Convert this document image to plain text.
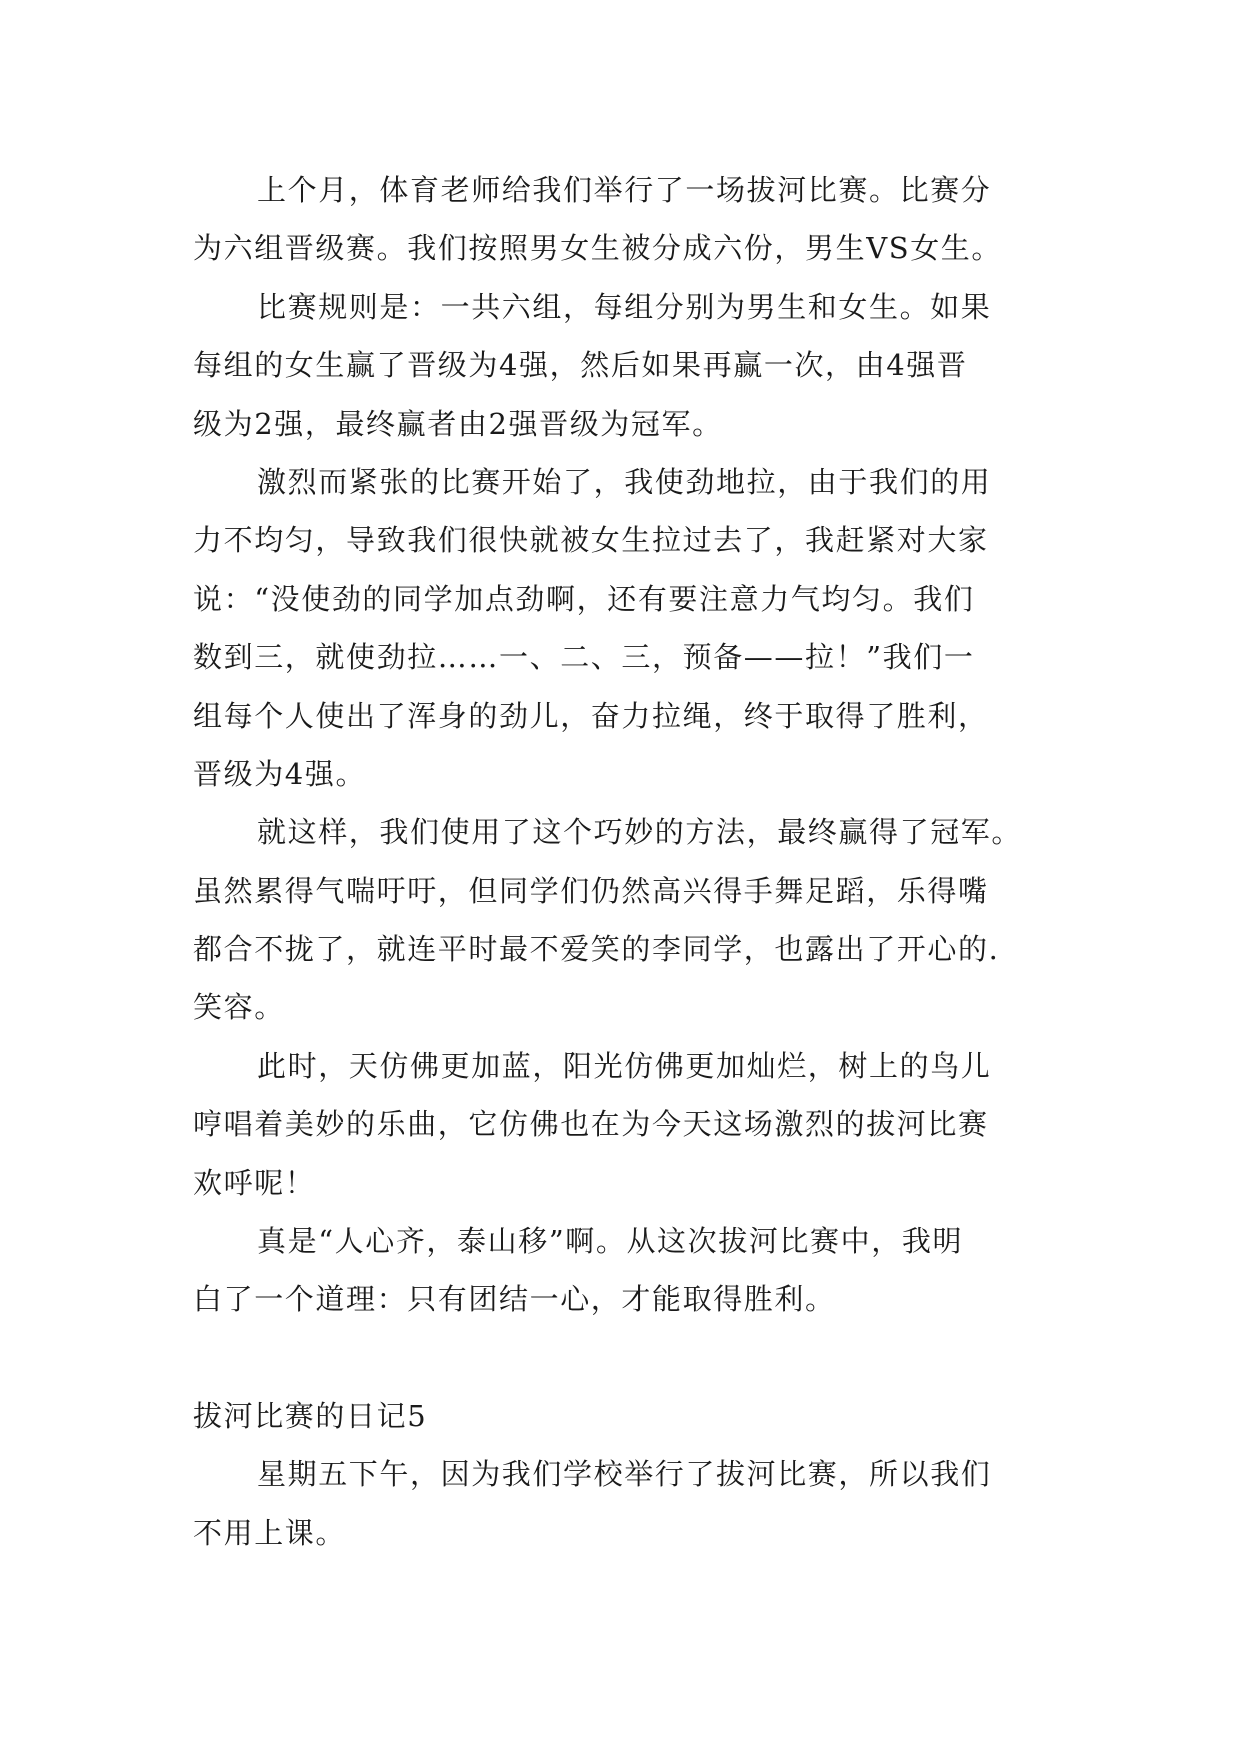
上个月，体育老师给我们举行了一场拔河比赛。比赛分
为六组晋级赛。我们按照男女生被分成六份，男生VS女生。
比赛规则是：一共六组，每组分别为男生和女生。如果
每组的女生赢了晋级为4强，然后如果再赢一次，由4强晋
级为2强，最终赢者由2强晋级为冠军。
激烈而紧张的比赛开始了，我使劲地拉，由于我们的用
力不均匀，导致我们很快就被女生拉过去了，我赶紧对大家
说：“没使劲的同学加点劲啊，还有要注意力气均匀。我们
数到三，就使劲拉……一、二、三，预备——拉！”我们一
组每个人使出了浑身的劲儿，奋力拉绳，终于取得了胜利，
晋级为4强。
就这样，我们使用了这个巧妙的方法，最终赢得了冠军。
虽然累得气喘吁吁，但同学们仍然高兴得手舞足蹈，乐得嘴
都合不拢了，就连平时最不爱笑的李同学，也露出了开心的.
笑容。
此时，天仿佛更加蓝，阳光仿佛更加灿烂，树上的鸟儿
哼唱着美妙的乐曲，它仿佛也在为今天这场激烈的拔河比赛
欢呼呢！
真是“人心齐，泰山移”啊。从这次拔河比赛中，我明
白了一个道理：只有团结一心，才能取得胜利。
拔河比赛的日记5
星期五下午，因为我们学校举行了拔河比赛，所以我们
不用上课。
